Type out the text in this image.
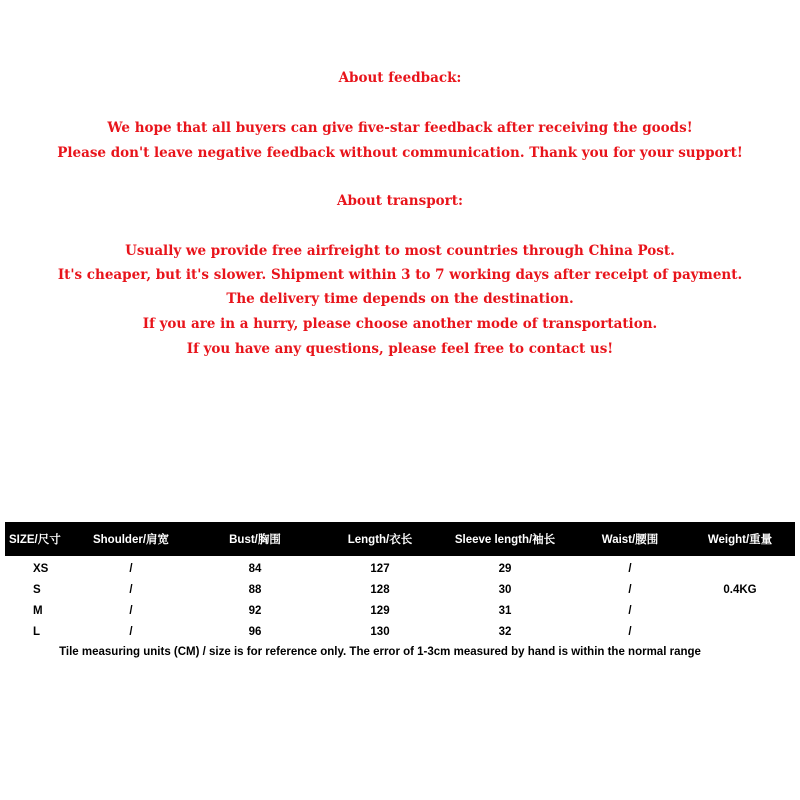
About feedback:
We hope that all buyers can give five-star feedback after receiving the goods!
Please don't leave negative feedback without communication. Thank you for your support!
About transport:
Usually we provide free airfreight to most countries through China Post.
It's cheaper, but it's slower. Shipment within 3 to 7 working days after receipt of payment.
The delivery time depends on the destination.
If you are in a hurry, please choose another mode of transportation.
If you have any questions, please feel free to contact us!
SIZE/尺寸	Shoulder/肩宽	Bust/胸围	Length/衣长	Sleeve length/袖长	Waist/腰围	Weight/重量
XS	/	84	127	29	/	
S	/	88	128	30	/	0.4KG
M	/	92	129	31	/	
L	/	96	130	32	/	
Tile measuring units (CM) / size is for reference only. The error of 1-3cm measured by hand is within the normal range
